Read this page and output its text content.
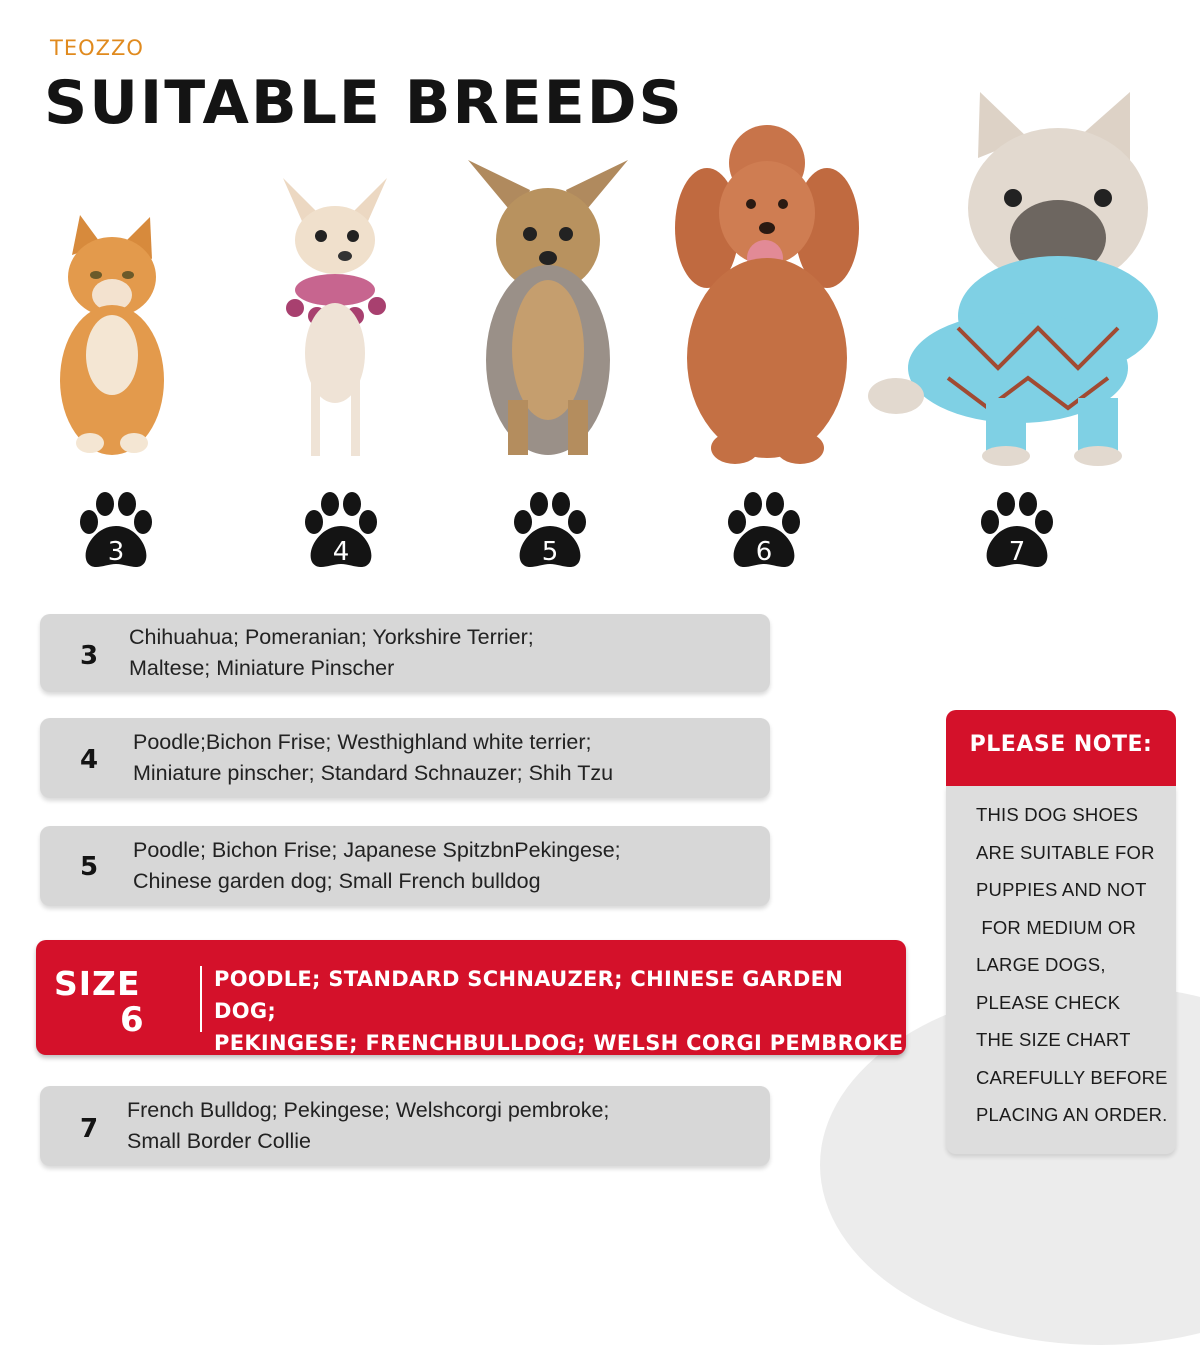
TEOZZO
SUITABLE BREEDS
3	4	5	6	7
3
Chihuahua; Pomeranian; Yorkshire Terrier;
Maltese; Miniature Pinscher
4
Poodle;Bichon Frise; Westhighland white terrier;
Miniature pinscher; Standard Schnauzer; Shih Tzu
5
Poodle; Bichon Frise; Japanese SpitzbnPekingese;
Chinese garden dog; Small French bulldog
SIZE
6
POODLE; STANDARD SCHNAUZER; CHINESE GARDEN DOG;
PEKINGESE; FRENCHBULLDOG; WELSH CORGI PEMBROKE
7
French Bulldog; Pekingese; Welshcorgi pembroke;
Small Border Collie
PLEASE NOTE:
THIS DOG SHOES
ARE SUITABLE FOR
PUPPIES AND NOT
FOR MEDIUM OR
LARGE DOGS,
PLEASE CHECK
THE SIZE CHART
CAREFULLY BEFORE
PLACING AN ORDER.
